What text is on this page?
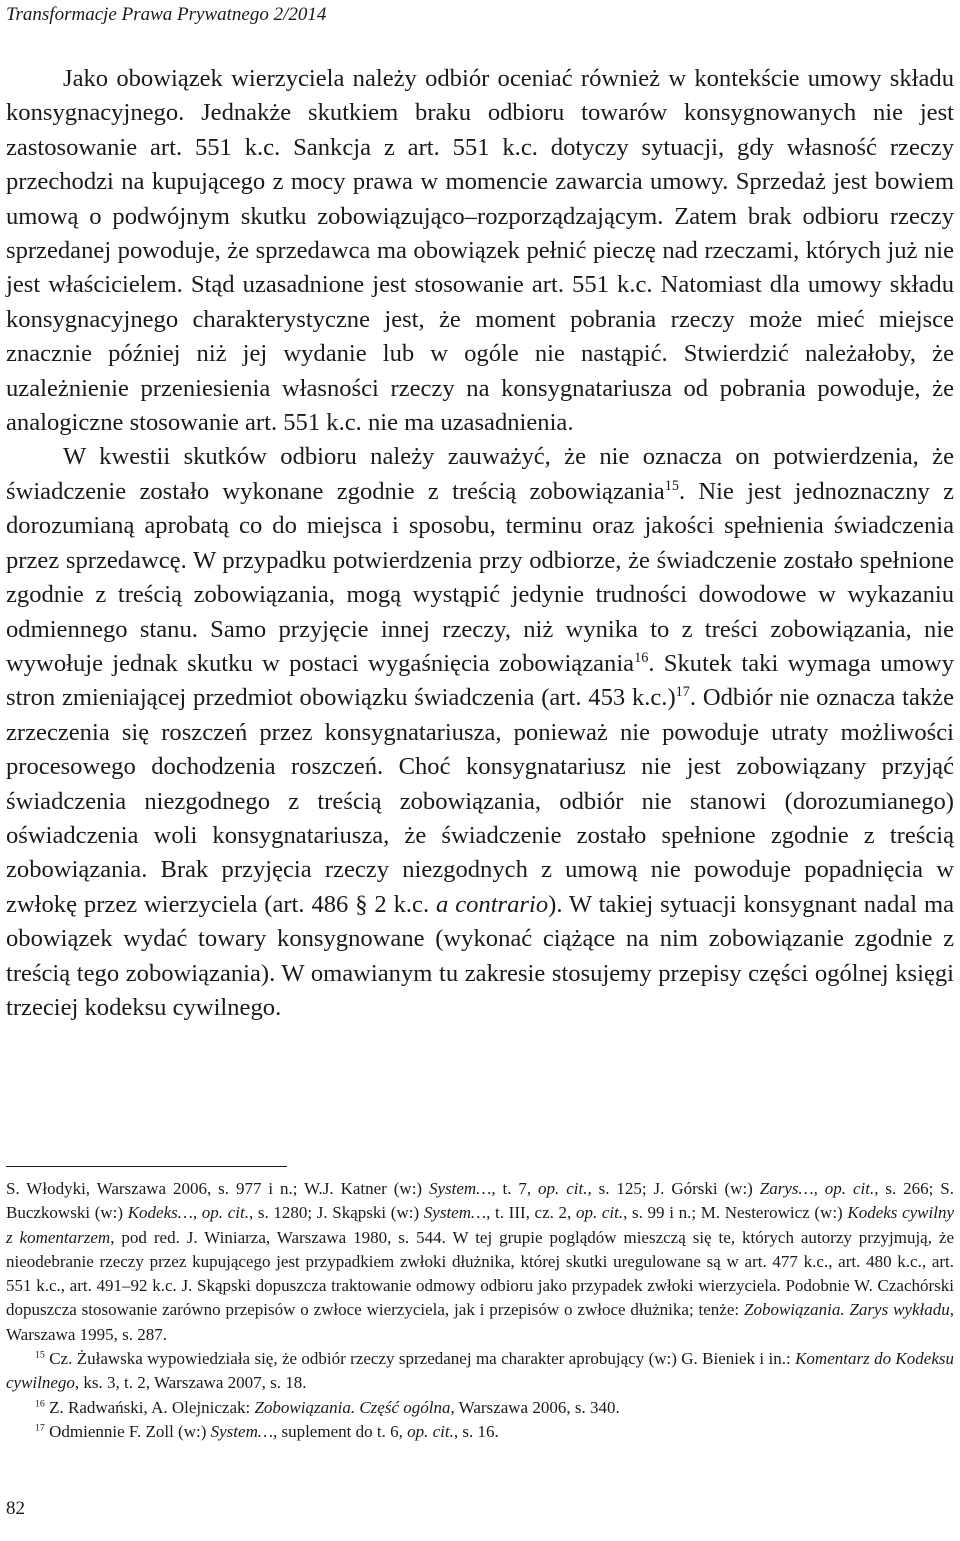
Transformacje Prawa Prywatnego 2/2014

Jako obowiązek wierzyciela należy odbiór oceniać również w kontekście umowy składu konsygnacyjnego. Jednakże skutkiem braku odbioru towarów konsygnowanych nie jest zastosowanie art. 551 k.c. Sankcja z art. 551 k.c. dotyczy sytuacji, gdy własność rzeczy przechodzi na kupującego z mocy prawa w momencie zawarcia umowy. Sprzedaż jest bowiem umową o podwójnym skutku zobowiązująco–rozporządzającym. Zatem brak odbioru rzeczy sprzedanej powoduje, że sprzedawca ma obowiązek pełnić pieczę nad rzeczami, których już nie jest właścicielem. Stąd uzasadnione jest stosowanie art. 551 k.c. Natomiast dla umowy składu konsygnacyjnego charakterystyczne jest, że moment pobrania rzeczy może mieć miejsce znacznie później niż jej wydanie lub w ogóle nie nastąpić. Stwierdzić należałoby, że uzależnienie przeniesienia własności rzeczy na konsygnatariusza od pobrania powoduje, że analogiczne stosowanie art. 551 k.c. nie ma uzasadnienia.

W kwestii skutków odbioru należy zauważyć, że nie oznacza on potwierdzenia, że świadczenie zostało wykonane zgodnie z treścią zobowiązania$^{15}$. Nie jest jednoznaczny z dorozumianą aprobatą co do miejsca i sposobu, terminu oraz jakości spełnienia świadczenia przez sprzedawcę. W przypadku potwierdzenia przy odbiorze, że świadczenie zostało spełnione zgodnie z treścią zobowiązania, mogą wystąpić jedynie trudności dowodowe w wykazaniu odmiennego stanu. Samo przyjęcie innej rzeczy, niż wynika to z treści zobowiązania, nie wywołuje jednak skutku w postaci wygaśnięcia zobowiązania$^{16}$. Skutek taki wymaga umowy stron zmieniającej przedmiot obowiązku świadczenia (art. 453 k.c.)$^{17}$. Odbiór nie oznacza także zrzeczenia się roszczeń przez konsygnatariusza, ponieważ nie powoduje utraty możliwości procesowego dochodzenia roszczeń. Choć konsygnatariusz nie jest zobowiązany przyjąć świadczenia niezgodnego z treścią zobowiązania, odbiór nie stanowi (dorozumianego) oświadczenia woli konsygnatariusza, że świadczenie zostało spełnione zgodnie z treścią zobowiązania. Brak przyjęcia rzeczy niezgodnych z umową nie powoduje popadnięcia w zwłokę przez wierzyciela (art. 486 § 2 k.c. a contrario). W takiej sytuacji konsygnant nadal ma obowiązek wydać towary konsygnowane (wykonać ciążące na nim zobowiązanie zgodnie z treścią tego zobowiązania). W omawianym tu zakresie stosujemy przepisy części ogólnej księgi trzeciej kodeksu cywilnego.

S. Włodyki, Warszawa 2006, s. 977 i n.; W.J. Katner (w:) System…, t. 7, op. cit., s. 125; J. Górski (w:) Zarys…, op. cit., s. 266; S. Buczkowski (w:) Kodeks…, op. cit., s. 1280; J. Skąpski (w:) System…, t. III, cz. 2, op. cit., s. 99 i n.; M. Nesterowicz (w:) Kodeks cywilny z komentarzem, pod red. J. Winiarza, Warszawa 1980, s. 544. W tej grupie poglądów mieszczą się te, których autorzy przyjmują, że nieodebranie rzeczy przez kupującego jest przypadkiem zwłoki dłużnika, której skutki uregulowane są w art. 477 k.c., art. 480 k.c., art. 551 k.c., art. 491–92 k.c. J. Skąpski dopuszcza traktowanie odmowy odbioru jako przypadek zwłoki wierzyciela. Podobnie W. Czachórski dopuszcza stosowanie zarówno przepisów o zwłoce wierzyciela, jak i przepisów o zwłoce dłużnika; tenże: Zobowiązania. Zarys wykładu, Warszawa 1995, s. 287.

$^{15}$ Cz. Żuławska wypowiedziała się, że odbiór rzeczy sprzedanej ma charakter aprobujący (w:) G. Bieniek i in.: Komentarz do Kodeksu cywilnego, ks. 3, t. 2, Warszawa 2007, s. 18.

$^{16}$ Z. Radwański, A. Olejniczak: Zobowiązania. Część ogólna, Warszawa 2006, s. 340.

$^{17}$ Odmiennie F. Zoll (w:) System…, suplement do t. 6, op. cit., s. 16.

82
